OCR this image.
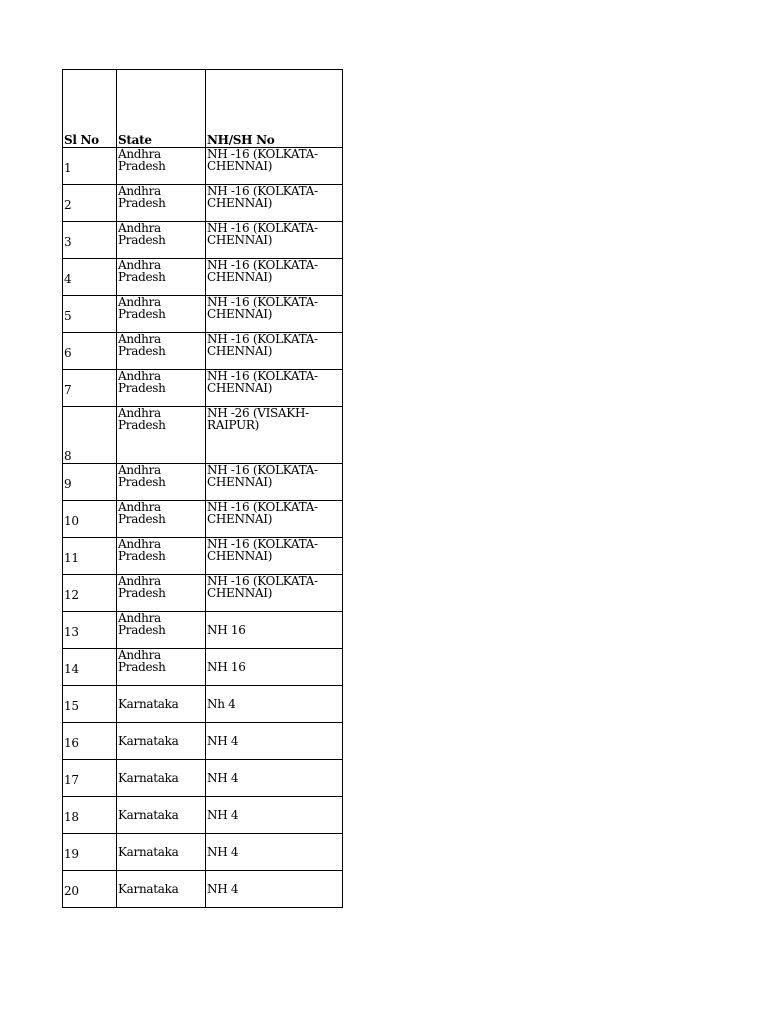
Sl No	State	NH/SH No
1	Andhra Pradesh	NH -16 (KOLKATA-CHENNAI)
2	Andhra Pradesh	NH -16 (KOLKATA-CHENNAI)
3	Andhra Pradesh	NH -16 (KOLKATA-CHENNAI)
4	Andhra Pradesh	NH -16 (KOLKATA-CHENNAI)
5	Andhra Pradesh	NH -16 (KOLKATA-CHENNAI)
6	Andhra Pradesh	NH -16 (KOLKATA-CHENNAI)
7	Andhra Pradesh	NH -16 (KOLKATA-CHENNAI)
8	Andhra Pradesh	NH -26 (VISAKH-RAIPUR)
9	Andhra Pradesh	NH -16 (KOLKATA-CHENNAI)
10	Andhra Pradesh	NH -16 (KOLKATA-CHENNAI)
11	Andhra Pradesh	NH -16 (KOLKATA-CHENNAI)
12	Andhra Pradesh	NH -16 (KOLKATA-CHENNAI)
13	Andhra Pradesh	NH 16
14	Andhra Pradesh	NH 16
15	Karnataka	Nh 4
16	Karnataka	NH 4
17	Karnataka	NH 4
18	Karnataka	NH 4
19	Karnataka	NH 4
20	Karnataka	NH 4
